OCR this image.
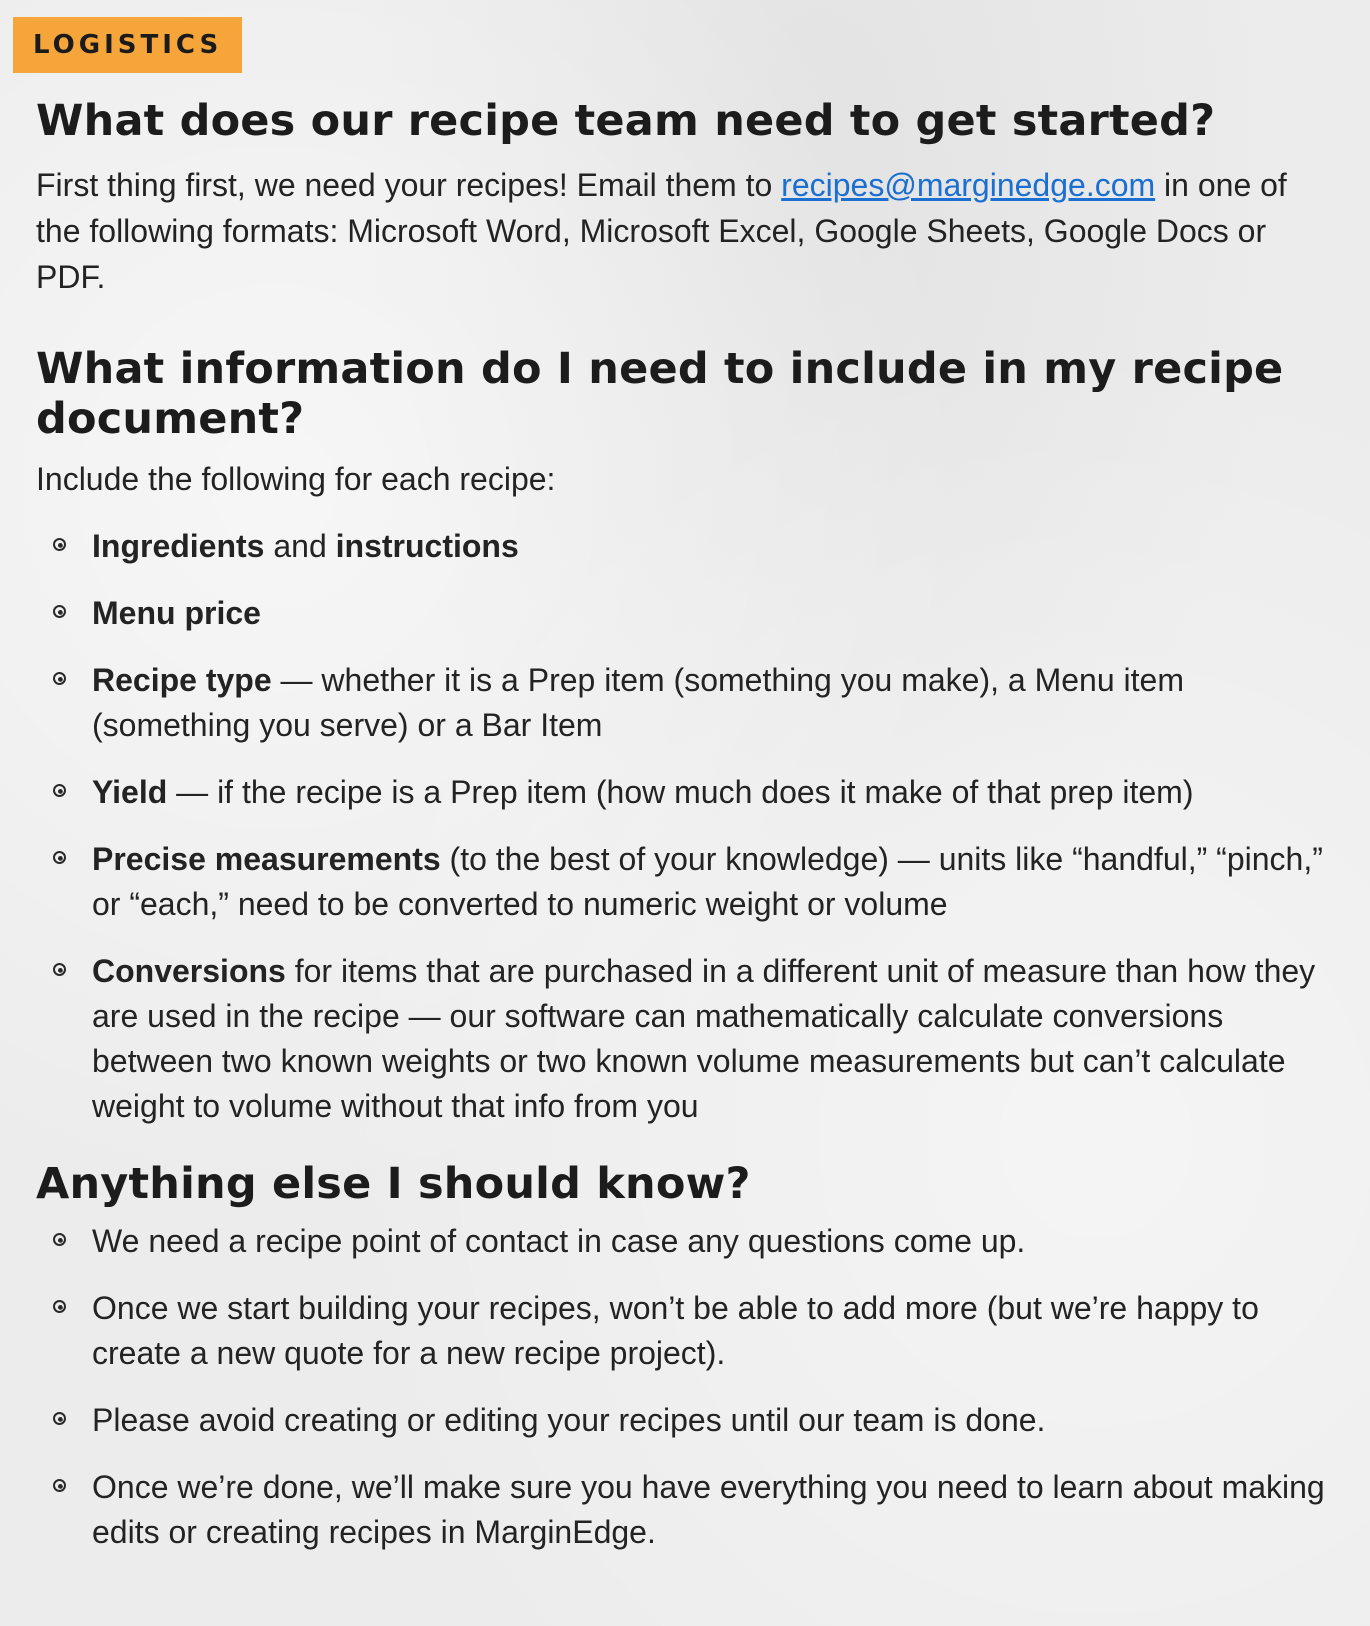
LOGISTICS
What does our recipe team need to get started?

First thing first, we need your recipes! Email them to recipes@marginedge.com in one of the following formats: Microsoft Word, Microsoft Excel, Google Sheets, Google Docs or PDF.

What information do I need to include in my recipe document?

Include the following for each recipe:

Ingredients and instructions
Menu price
Recipe type — whether it is a Prep item (something you make), a Menu item (something you serve) or a Bar Item
Yield — if the recipe is a Prep item (how much does it make of that prep item)
Precise measurements (to the best of your knowledge) — units like “handful,” “pinch,” or “each,” need to be converted to numeric weight or volume
Conversions for items that are purchased in a different unit of measure than how they are used in the recipe — our software can mathematically calculate conversions between two known weights or two known volume measurements but can’t calculate weight to volume without that info from you
Anything else I should know?
We need a recipe point of contact in case any questions come up.
Once we start building your recipes, won’t be able to add more (but we’re happy to create a new quote for a new recipe project).
Please avoid creating or editing your recipes until our team is done.
Once we’re done, we’ll make sure you have everything you need to learn about making edits or creating recipes in MarginEdge.
